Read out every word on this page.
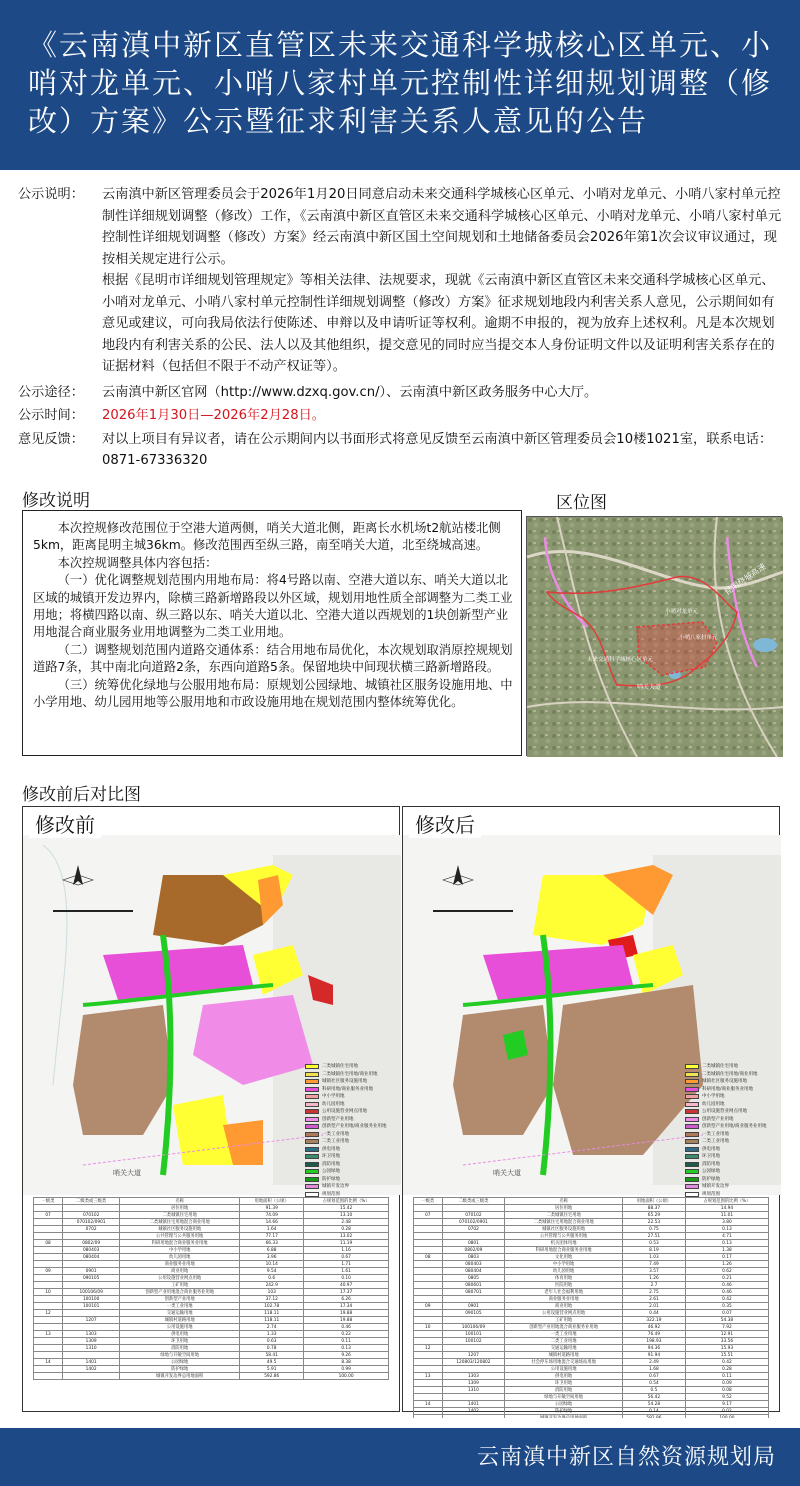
《云南滇中新区直管区未来交通科学城核心区单元、小哨对龙单元、小哨八家村单元控制性详细规划调整（修改）方案》公示暨征求利害关系人意见的公告
公示说明：	云南滇中新区管理委员会于2026年1月20日同意启动未来交通科学城核心区单元、小哨对龙单元、小哨八家村单元控制性详细规划调整（修改）工作，《云南滇中新区直管区未来交通科学城核心区单元、小哨对龙单元、小哨八家村单元控制性详细规划调整（修改）方案》经云南滇中新区国土空间规划和土地储备委员会2026年第1次会议审议通过，现按相关规定进行公示。
根据《昆明市详细规划管理规定》等相关法律、法规要求，现就《云南滇中新区直管区未来交通科学城核心区单元、小哨对龙单元、小哨八家村单元控制性详细规划调整（修改）方案》征求规划地段内利害关系人意见，公示期间如有意见或建议，可向我局依法行使陈述、申辩以及申请听证等权利。逾期不申报的，视为放弃上述权利。凡是本次规划地段内有利害关系的公民、法人以及其他组织，提交意见的同时应当提交本人身份证明文件以及证明利害关系存在的证据材料（包括但不限于不动产权证等）。
公示途径：	云南滇中新区官网（http://www.dzxq.gov.cn/）、云南滇中新区政务服务中心大厅。
公示时间：	2026年1月30日—2026年2月28日。
意见反馈：	对以上项目有异议者，请在公示期间内以书面形式将意见反馈至云南滇中新区管理委员会10楼1021室，联系电话：0871-67336320
修改说明	区位图
修改前后对比图

本次控规修改范围位于空港大道两侧，哨关大道北侧，距离长水机场t2航站楼北侧5km，距离昆明主城36km。修改范围西至纵三路，南至哨关大道，北至绕城高速。

本次控规调整具体内容包括：

（一）优化调整规划范围内用地布局：将4号路以南、空港大道以东、哨关大道以北区域的城镇开发边界内，除横三路新增路段以外区域，规划用地性质全部调整为二类工业用地；将横四路以南、纵三路以东、哨关大道以北、空港大道以西规划的1块创新型产业用地混合商业服务业用地调整为二类工业用地。

（二）调整规划范围内道路交通体系：结合用地布局优化，本次规划取消原控规规划道路7条，其中南北向道路2条，东西向道路5条。保留地块中间现状横三路新增路段。

（三）统筹优化绿地与公服用地布局：原规划公园绿地、城镇社区服务设施用地、中小学用地、幼儿园用地等公服用地和市政设施用地在规划范围内整体统筹优化。

昆明绕城高速
小哨对龙单元
小哨八家村单元
未来交通科学城核心区单元
哨关大道
修改前
哨关大道
二类城镇住宅用地
二类城镇住宅用地/商业用地
城镇社区服务设施用地
科研用地/商业服务业用地
中小学用地
幼儿园用地
公用设施营业网点用地
创新型产业用地
创新型产业用地/商业服务业用地
一类工业用地
二类工业用地
供电用地
环卫用地
消防用地
公园绿地
防护绿地
城镇开发边界
规划范围
一级类	二级类或三级类	名称	用地面积（公顷）	占规划范围的比例（%）
		居住用地	91.39	15.42
07	070102	二类城镇住宅用地	74.09	13.10
	070102/0901	二类城镇住宅用地混合商业用地	14.66	2.48
	0702	城镇社区服务设施用地	1.64	0.28
		公共管理与公共服务用地	77.17	13.02
08	0802/09	科研用地混合商业服务业用地	66.33	11.19
	080403	中小学用地	6.88	1.16
	080404	幼儿园用地	3.96	0.67
		商业服务业用地	10.14	1.71
09	0901	商业用地	9.54	1.61
	090105	公用设施营业网点用地	0.6	0.10
		工矿用地	242.9	40.97
10	100106/09	创新型产业用地混合商业服务业用地	103	17.37
	100100	创新型产业用地	37.12	6.26
	100101	一类工业用地	102.78	17.34
12		交通运输用地	118.11	19.88
	1207	城镇村道路用地	118.11	19.88
		公用设施用地	2.74	0.46
13	1303	供电用地	1.33	0.22
	1309	环卫用地	0.63	0.11
	1310	消防用地	0.78	0.13
		绿地与开敞空间用地	58.41	9.26
14	1401	公园绿地	49.5	8.38
	1402	防护绿地	5.91	0.99
		城镇开发边界总用地面积	592.86	100.00
修改后
哨关大道
二类城镇住宅用地
二类城镇住宅用地/商业用地
城镇社区服务设施用地
科研用地/商业服务业用地
中小学用地
幼儿园用地
公用设施营业网点用地
创新型产业用地
创新型产业用地/商业服务业用地
一类工业用地
二类工业用地
供电用地
环卫用地
消防用地
公园绿地
防护绿地
城镇开发边界
规划范围
一级类	二级类或三级类	名称	用地面积（公顷）	占规划范围的比例（%）
		居住用地	88.37	14.94
07	070102	二类城镇住宅用地	65.29	11.01
	070102/0901	二类城镇住宅用地混合商业用地	22.53	3.80
	0702	城镇社区服务设施用地	0.75	0.13
		公共管理与公共服务用地	27.51	4.71
	0801	机关团体用地	0.53	0.13
	0802/09	科研用地混合商业服务业用地	8.19	1.38
08	0803	文化用地	1.03	0.17
	080403	中小学用地	7.49	1.26
	080404	幼儿园用地	3.57	0.62
	0805	体育用地	1.26	0.21
	080601	医院用地	2.7	0.46
	080701	老年人社会福利用地	2.75	0.46
		商业服务业用地	2.61	0.42
09	0901	商业用地	2.01	0.35
	090105	公用设施营业网点用地	0.44	0.07
		工矿用地	322.19	54.38
10	100106/09	创新型产业用地混合商业服务业用地	46.92	7.92
	100101	一类工业用地	76.49	12.91
	100102	二类工业用地	198.93	33.56
12		交通运输用地	94.36	15.93
	1207	城镇村道路用地	91.94	15.51
	120803/120802	社会停车场用地混合交通场站用地	2.49	0.42
		公用设施用地	1.68	0.28
13	1303	供电用地	0.67	0.11
	1309	环卫用地	0.54	0.09
	1310	消防用地	0.5	0.08
		绿地与开敞空间用地	56.42	9.52
14	1401	公园绿地	54.28	9.17
	1402	防护绿地	0.14	0.02

云南滇中新区自然资源规划局
